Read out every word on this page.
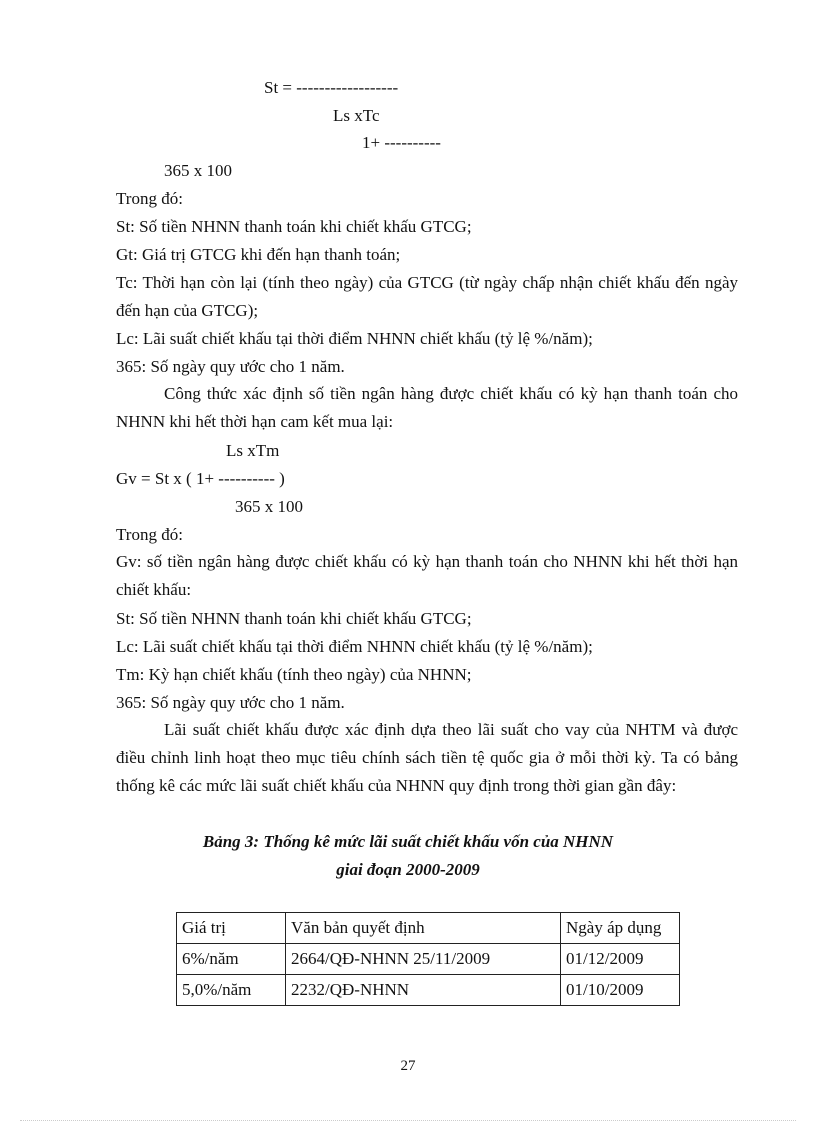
St = ------------------
Ls xTc
1+ ----------
365 x 100
Trong đó:
St: Số tiền NHNN thanh toán khi chiết khấu GTCG;
Gt: Giá trị GTCG khi đến hạn thanh toán;
Tc: Thời hạn còn lại (tính theo ngày) của GTCG (từ ngày chấp nhận chiết khấu đến ngày đến hạn của GTCG);
Lc: Lãi suất chiết khấu tại thời điểm NHNN chiết khấu (tỷ lệ %/năm);
365: Số ngày quy ước cho 1 năm.
Công thức xác định số tiền ngân hàng được chiết khấu có kỳ hạn thanh toán cho NHNN khi hết thời hạn cam kết mua lại:
Ls xTm
Gv = St x ( 1+ ---------- )
365 x 100
Trong đó:
Gv: số tiền ngân hàng được chiết khấu có kỳ hạn thanh toán cho NHNN khi hết thời hạn chiết khấu:
St: Số tiền NHNN thanh toán khi chiết khấu GTCG;
Lc: Lãi suất chiết khấu tại thời điểm NHNN chiết khấu (tỷ lệ %/năm);
Tm: Kỳ hạn chiết khấu (tính theo ngày) của NHNN;
365: Số ngày quy ước cho 1 năm.
Lãi suất chiết khấu được xác định dựa theo lãi suất cho vay của NHTM và được điều chỉnh linh hoạt theo mục tiêu chính sách tiền tệ quốc gia ở mỗi thời kỳ. Ta có bảng thống kê các mức lãi suất chiết khấu của NHNN quy định trong thời gian gần đây:
Bảng 3: Thống kê mức lãi suất chiết khấu vốn của NHNN
giai đoạn 2000-2009
Giá trị	Văn bản quyết định	Ngày áp dụng
6%/năm	2664/QĐ-NHNN 25/11/2009	01/12/2009
5,0%/năm	2232/QĐ-NHNN	01/10/2009
27
